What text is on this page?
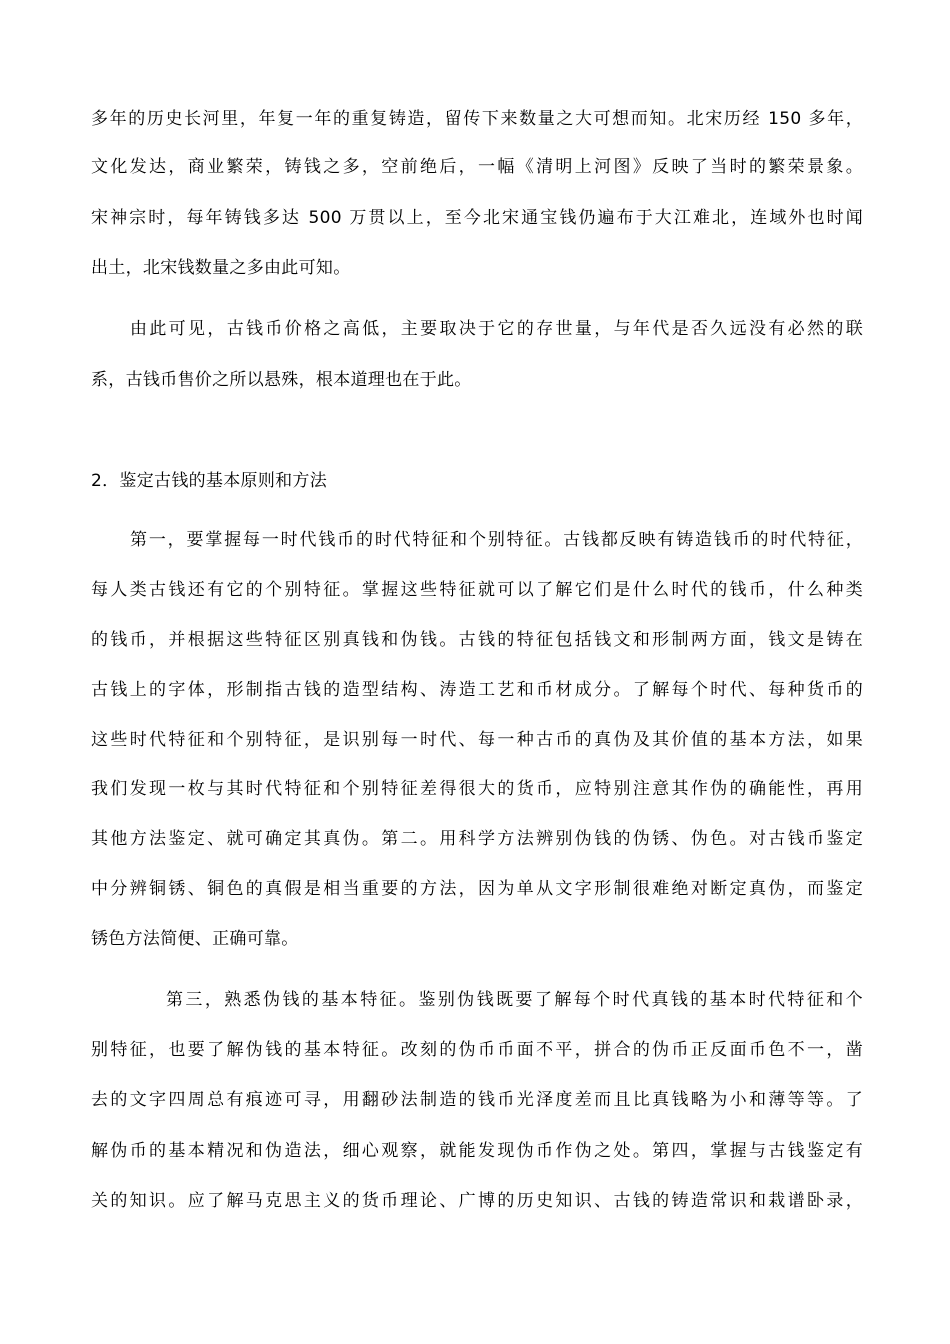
多年的历史长河里，年复一年的重复铸造，留传下来数量之大可想而知。北宋历经 150 多年，
文化发达，商业繁荣，铸钱之多，空前绝后，一幅《清明上河图》反映了当时的繁荣景象。
宋神宗时，每年铸钱多达 500 万贯以上，至今北宋通宝钱仍遍布于大江难北，连域外也时闻
出土，北宋钱数量之多由此可知。
由此可见，古钱币价格之高低，主要取决于它的存世量，与年代是否久远没有必然的联
系，古钱币售价之所以悬殊，根本道理也在于此。
2．鉴定古钱的基本原则和方法
第一，要掌握每一时代钱币的时代特征和个别特征。古钱都反映有铸造钱币的时代特征，
每人类古钱还有它的个别特征。掌握这些特征就可以了解它们是什么时代的钱币，什么种类
的钱币，并根据这些特征区别真钱和伪钱。古钱的特征包括钱文和形制两方面，钱文是铸在
古钱上的字体，形制指古钱的造型结构、涛造工艺和币材成分。了解每个时代、每种货币的
这些时代特征和个别特征，是识别每一时代、每一种古币的真伪及其价值的基本方法，如果
我们发现一枚与其时代特征和个别特征差得很大的货币，应特别注意其作伪的确能性，再用
其他方法鉴定、就可确定其真伪。第二。用科学方法辨别伪钱的伪锈、伪色。对古钱币鉴定
中分辨铜锈、铜色的真假是相当重要的方法，因为单从文字形制很难绝对断定真伪，而鉴定
锈色方法简便、正确可靠。
第三，熟悉伪钱的基本特征。鉴别伪钱既要了解每个时代真钱的基本时代特征和个
别特征，也要了解伪钱的基本特征。改刻的伪币币面不平，拼合的伪币正反面币色不一，凿
去的文字四周总有痕迹可寻，用翻砂法制造的钱币光泽度差而且比真钱略为小和薄等等。了
解伪币的基本精况和伪造法，细心观察，就能发现伪币作伪之处。第四，掌握与古钱鉴定有
关的知识。应了解马克思主义的货币理论、广博的历史知识、古钱的铸造常识和栽谱卧录，
